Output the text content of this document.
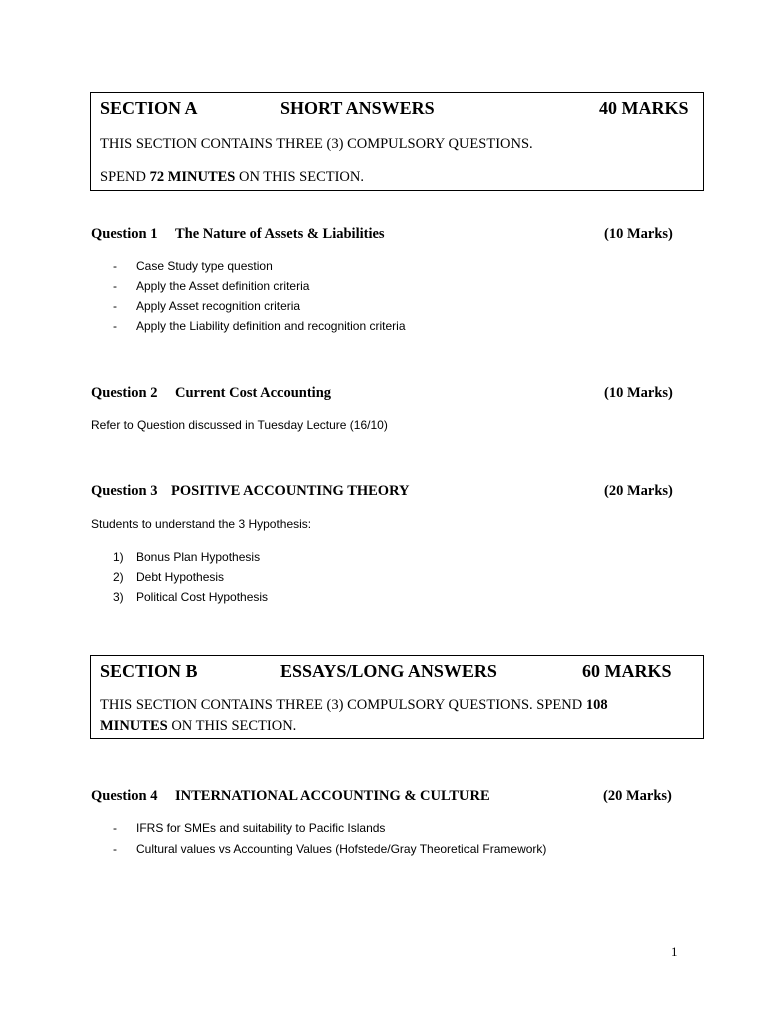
SECTION A	SHORT ANSWERS	40 MARKS
THIS SECTION CONTAINS THREE (3) COMPULSORY QUESTIONS.
SPEND 72 MINUTES ON THIS SECTION.
Question 1 The Nature of Assets & Liabilities	(10 Marks)
- Case Study type question
- Apply the Asset definition criteria
- Apply Asset recognition criteria
- Apply the Liability definition and recognition criteria
Question 2 Current Cost Accounting	(10 Marks)
Refer to Question discussed in Tuesday Lecture (16/10)
Question 3 POSITIVE ACCOUNTING THEORY	(20 Marks)
Students to understand the 3 Hypothesis:
1) Bonus Plan Hypothesis
2) Debt Hypothesis
3) Political Cost Hypothesis
SECTION B	ESSAYS/LONG ANSWERS	60 MARKS
THIS SECTION CONTAINS THREE (3) COMPULSORY QUESTIONS. SPEND 108
MINUTES ON THIS SECTION.
Question 4 INTERNATIONAL ACCOUNTING & CULTURE	(20 Marks)
- IFRS for SMEs and suitability to Pacific Islands
- Cultural values vs Accounting Values (Hofstede/Gray Theoretical Framework)
1
